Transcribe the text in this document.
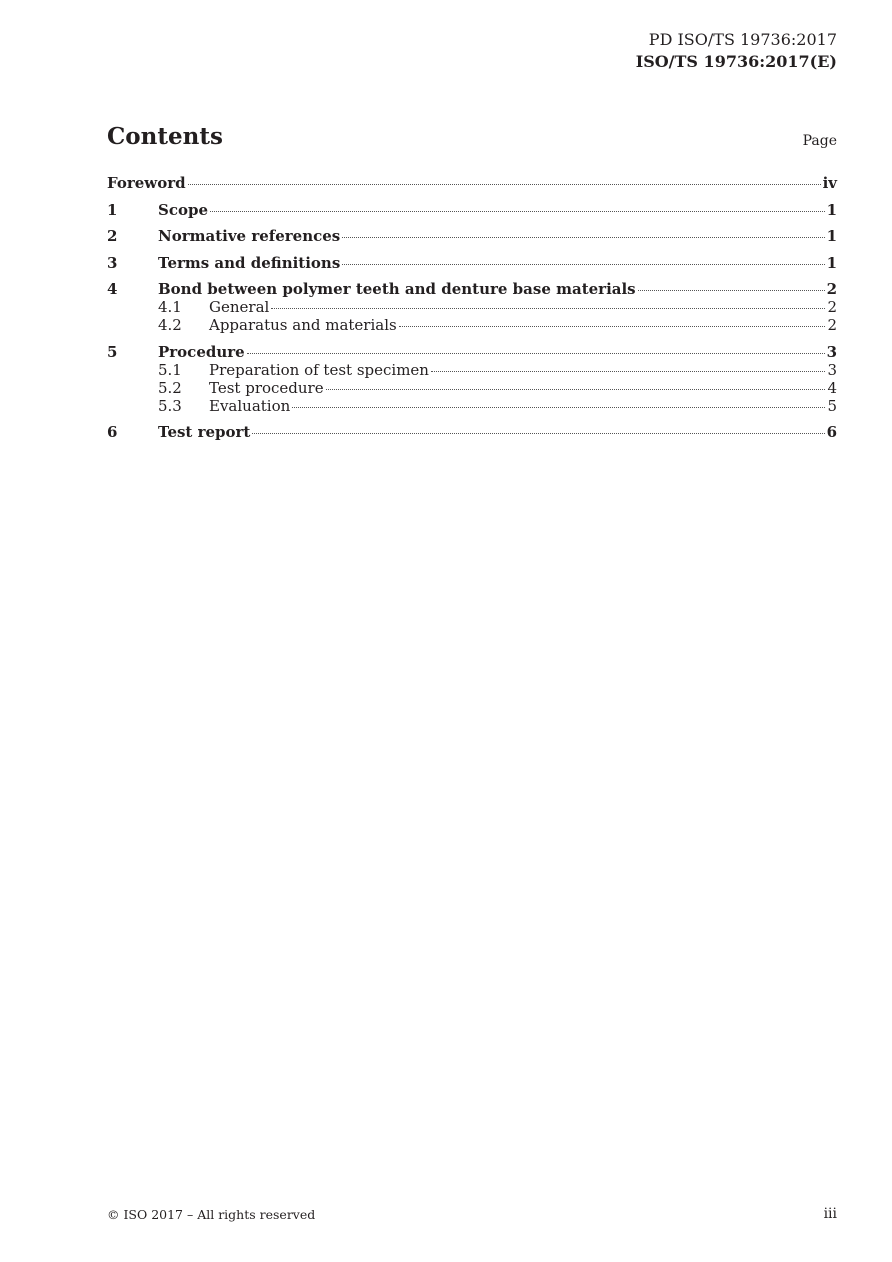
PD ISO/TS 19736:2017
ISO/TS 19736:2017(E)
Contents	Page
Foreword	iv
1	Scope	1
2	Normative references	1
3	Terms and definitions	1
4	Bond between polymer teeth and denture base materials	2
4.1	General	2
4.2	Apparatus and materials	2
5	Procedure	3
5.1	Preparation of test specimen	3
5.2	Test procedure	4
5.3	Evaluation	5
6	Test report	6
© ISO 2017 – All rights reserved	iii
